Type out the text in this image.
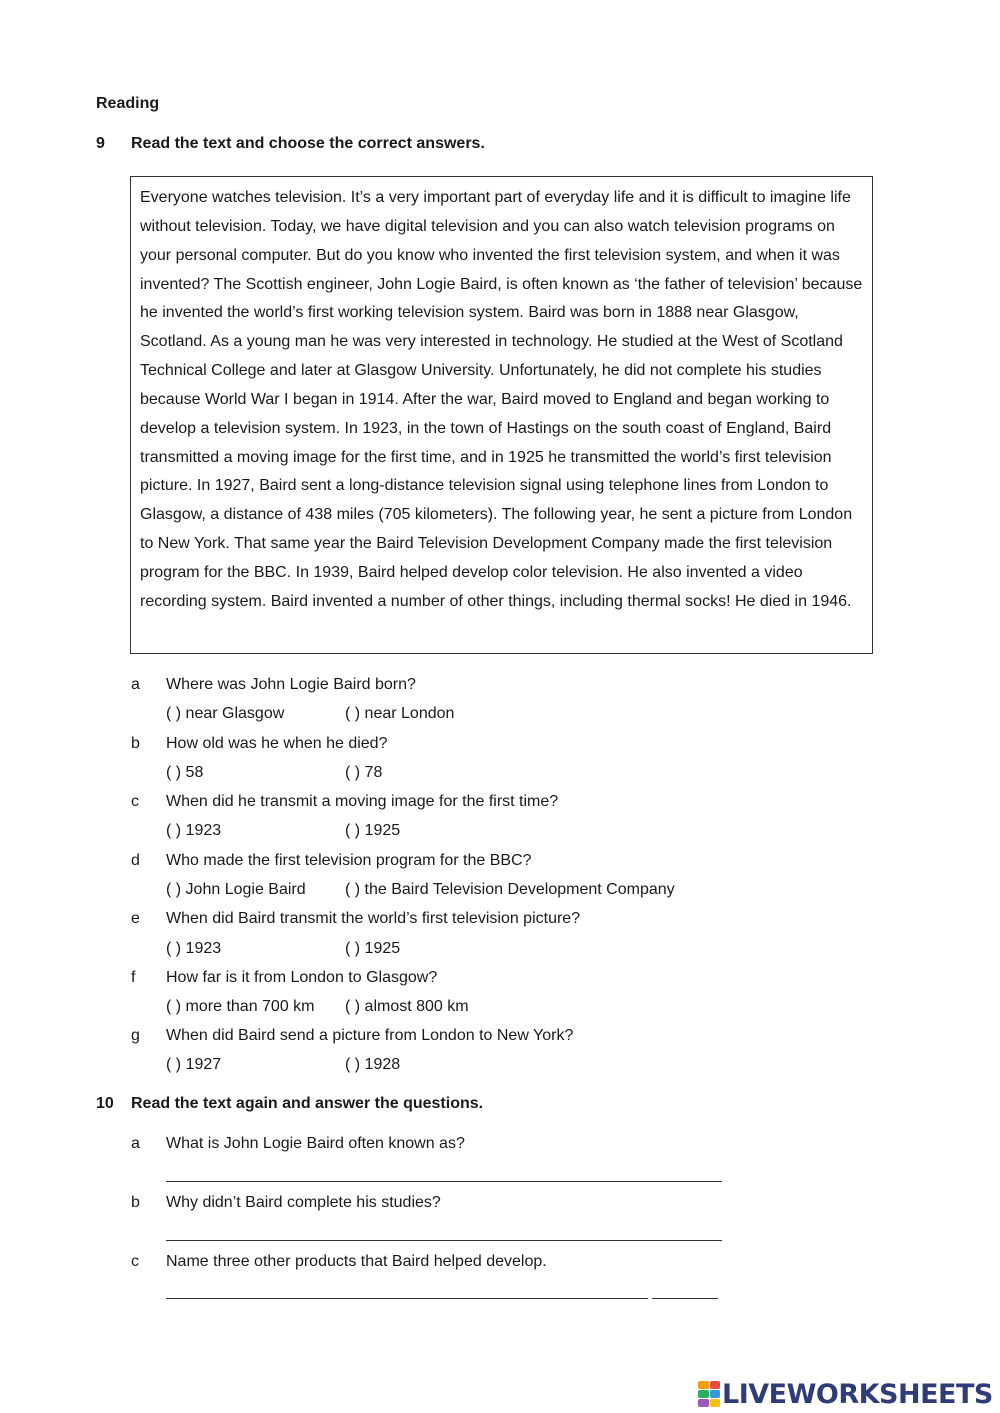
Reading
9 Read the text and choose the correct answers.

Everyone watches television. It’s a very important part of everyday life and it is difficult to imagine life without television. Today, we have digital television and you can also watch television programs on your personal computer. But do you know who invented the first television system, and when it was invented? The Scottish engineer, John Logie Baird, is often known as ‘the father of television’ because he invented the world’s first working television system. Baird was born in 1888 near Glasgow, Scotland. As a young man he was very interested in technology. He studied at the West of Scotland Technical College and later at Glasgow University. Unfortunately, he did not complete his studies because World War I began in 1914. After the war, Baird moved to England and began working to develop a television system. In 1923, in the town of Hastings on the south coast of England, Baird transmitted a moving image for the first time, and in 1925 he transmitted the world’s first television picture. In 1927, Baird sent a long-distance television signal using telephone lines from London to Glasgow, a distance of 438 miles (705 kilometers). The following year, he sent a picture from London to New York. That same year the Baird Television Development Company made the first television program for the BBC. In 1939, Baird helped develop color television. He also invented a video recording system. Baird invented a number of other things, including thermal socks! He died in 1946.

a Where was John Logie Baird born?
( ) near Glasgow	( ) near London
b How old was he when he died?
( ) 58	( ) 78
c When did he transmit a moving image for the first time?
( ) 1923	( ) 1925
d Who made the first television program for the BBC?
( ) John Logie Baird ( ) the Baird Television Development Company
e When did Baird transmit the world’s first television picture?
( ) 1923	( ) 1925
f How far is it from London to Glasgow?
( ) more than 700 km ( ) almost 800 km
g When did Baird send a picture from London to New York?
( ) 1927	( ) 1928
10 Read the text again and answer the questions.
a What is John Logie Baird often known as?
b Why didn’t Baird complete his studies?
c Name three other products that Baird helped develop.
LIVEWORKSHEETS
